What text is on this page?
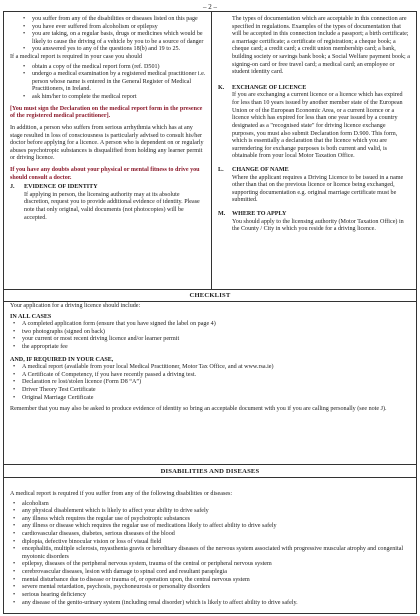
– 2 –
• you suffer from any of the disabilities or diseases listed on this page
• you have ever suffered from alcoholism or epilepsy
• you are taking, on a regular basis, drugs or medicines which would be likely to cause the driving of a vehicle by you to be a source of danger
• you answered yes to any of the questions 18(b) and 19 to 25.

If a medical report is required in your case you should

• obtain a copy of the medical report form (ref. D501)
• undergo a medical examination by a registered medical practitioner i.e. person whose name is entered in the General Register of Medical Practitioners, in Ireland.
• ask him/her to complete the medical report

[You must sign the Declaration on the medical report form in the presence of the registered medical practitioner].

In addition, a person who suffers from serious arrhythmia which has at any stage resulted in loss of consciousness is particularly advised to consult his/her doctor before applying for a licence. A person who is dependent on or regularly abuses psychotropic substances is disqualified from holding any learner permit or driving licence.

If you have any doubts about your physical or mental fitness to drive you should consult a doctor.

J.	EVIDENCE OF IDENTITY

If applying in person, the licensing authority may at its absolute discretion, request you to provide additional evidence of identity. Please note that only original, valid documents (not photocopies) will be accepted.

The types of documentation which are acceptable in this connection are specified in regulations. Examples of the types of documentation that will be accepted in this connection include a passport; a birth certificate; a marriage certificate; a certificate of registration; a cheque book; a cheque card; a credit card; a credit union membership card; a bank, building society or savings bank book; a Social Welfare payment book; a signing-on card or free travel card; a medical card; an employee or student identity card.

K.	EXCHANGE OF LICENCE

If you are exchanging a current licence or a licence which has expired for less than 10 years issued by another member state of the European Union or of the European Economic Area, or a current licence or a licence which has expired for less than one year issued by a country designated as a "recognised state" for driving licence exchange purposes, you must also submit Declaration form D.900. This form, which is essentially a declaration that the licence which you are surrendering for exchange purposes is both current and valid, is obtainable from your local Motor Taxation Office.

L.	CHANGE OF NAME

Where the applicant requires a Driving Licence to be issued in a name other than that on the previous licence or licence being exchanged, supporting documentation e.g. original marriage certificate must be submitted.

M.	WHERE TO APPLY

You should apply to the licensing authority (Motor Taxation Office) in the County / City in which you reside for a driving licence.

CHECKLIST

Your application for a driving licence should include:

IN ALL CASES
• A completed application form (ensure that you have signed the label on page 4)
• two photographs (signed on back)
• your current or most recent driving licence and/or learner permit
• the appropriate fee
AND, IF REQUIRED IN YOUR CASE,
• A medical report (available from your local Medical Practitioner, Motor Tax Office, and at www.rsa.ie)
• A Certificate of Competency, if you have recently passed a driving test.
• Declaration re lost/stolen licence (Form D8 “A”)
• Driver Theory Test Certificate
• Original Marriage Certificate

Remember that you may also be asked to produce evidence of identity so bring an acceptable document with you if you are calling personally (see note J).

DISABILITIES AND DISEASES

A medical report is required if you suffer from any of the following disabilities or diseases:

• alcoholism
• any physical disablement which is likely to affect your ability to drive safely
• any illness which requires the regular use of psychotropic substances
• any illness or disease which requires the regular use of medications likely to affect ability to drive safely
• cardiovascular diseases, diabetes, serious diseases of the blood
• diplopia, defective binocular vision or loss of visual field
• encephalitis, multiple sclerosis, myasthenia gravis or hereditary diseases of the nervous system associated with progressive muscular atrophy and congenital myotonic disorders
• epilepsy, diseases of the peripheral nervous system, trauma of the central or peripheral nervous system
• cerebrovascular diseases, lesion with damage to spinal cord and resultant paraplegia
• mental disturbance due to disease or trauma of, or operation upon, the central nervous system
• severe mental retardation, psychosis, psychoneurosis or personality disorders
• serious hearing deficiency
• any disease of the genito-urinary system (including renal disorder) which is likely to affect ability to drive safely.
